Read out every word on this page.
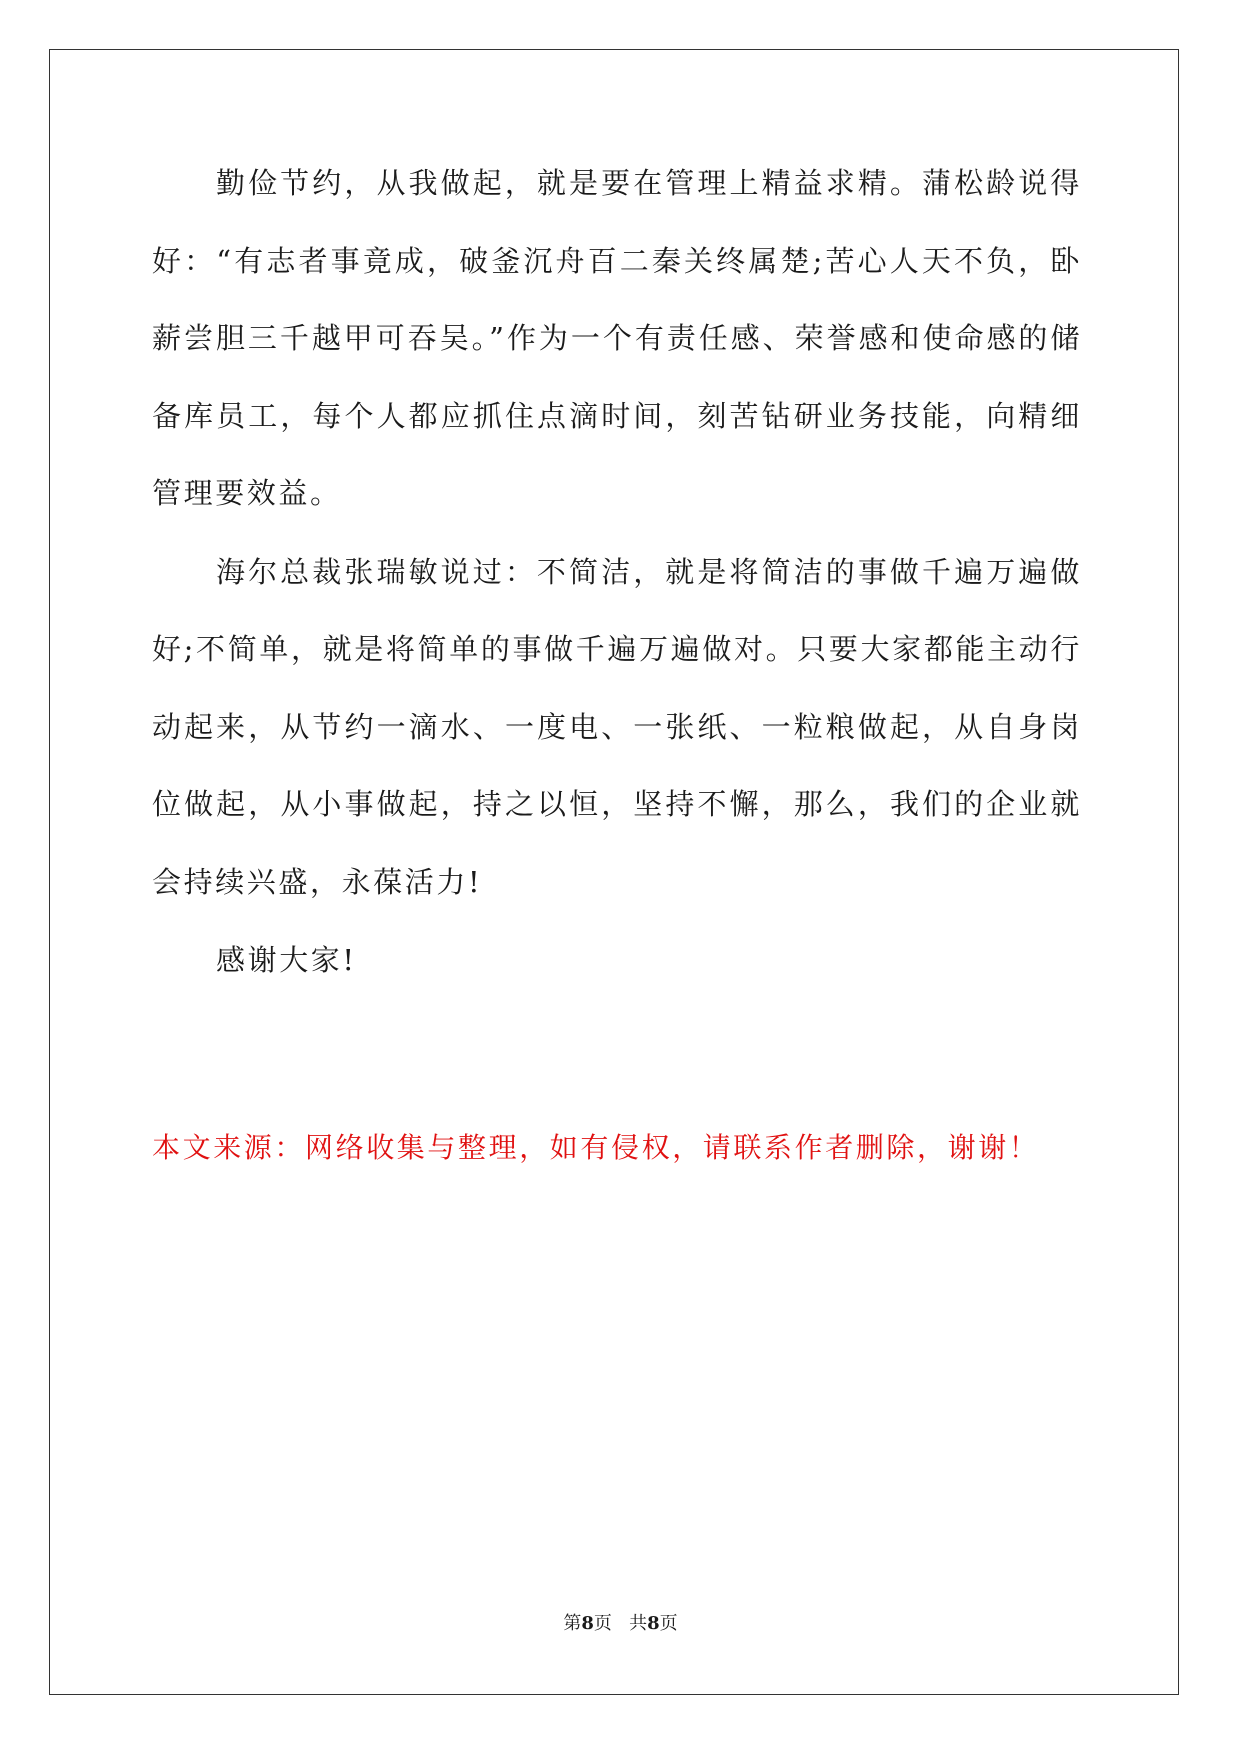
勤俭节约，从我做起，就是要在管理上精益求精。蒲松龄说得好：“有志者事竟成，破釜沉舟百二秦关终属楚;苦心人天不负，卧薪尝胆三千越甲可吞吴。”作为一个有责任感、荣誉感和使命感的储备库员工，每个人都应抓住点滴时间，刻苦钻研业务技能，向精细管理要效益。

海尔总裁张瑞敏说过：不简洁，就是将简洁的事做千遍万遍做好;不简单，就是将简单的事做千遍万遍做对。只要大家都能主动行动起来，从节约一滴水、一度电、一张纸、一粒粮做起，从自身岗位做起，从小事做起，持之以恒，坚持不懈，那么，我们的企业就会持续兴盛，永葆活力!

感谢大家!

本文来源：网络收集与整理，如有侵权，请联系作者删除，谢谢！

第8页 共8页
